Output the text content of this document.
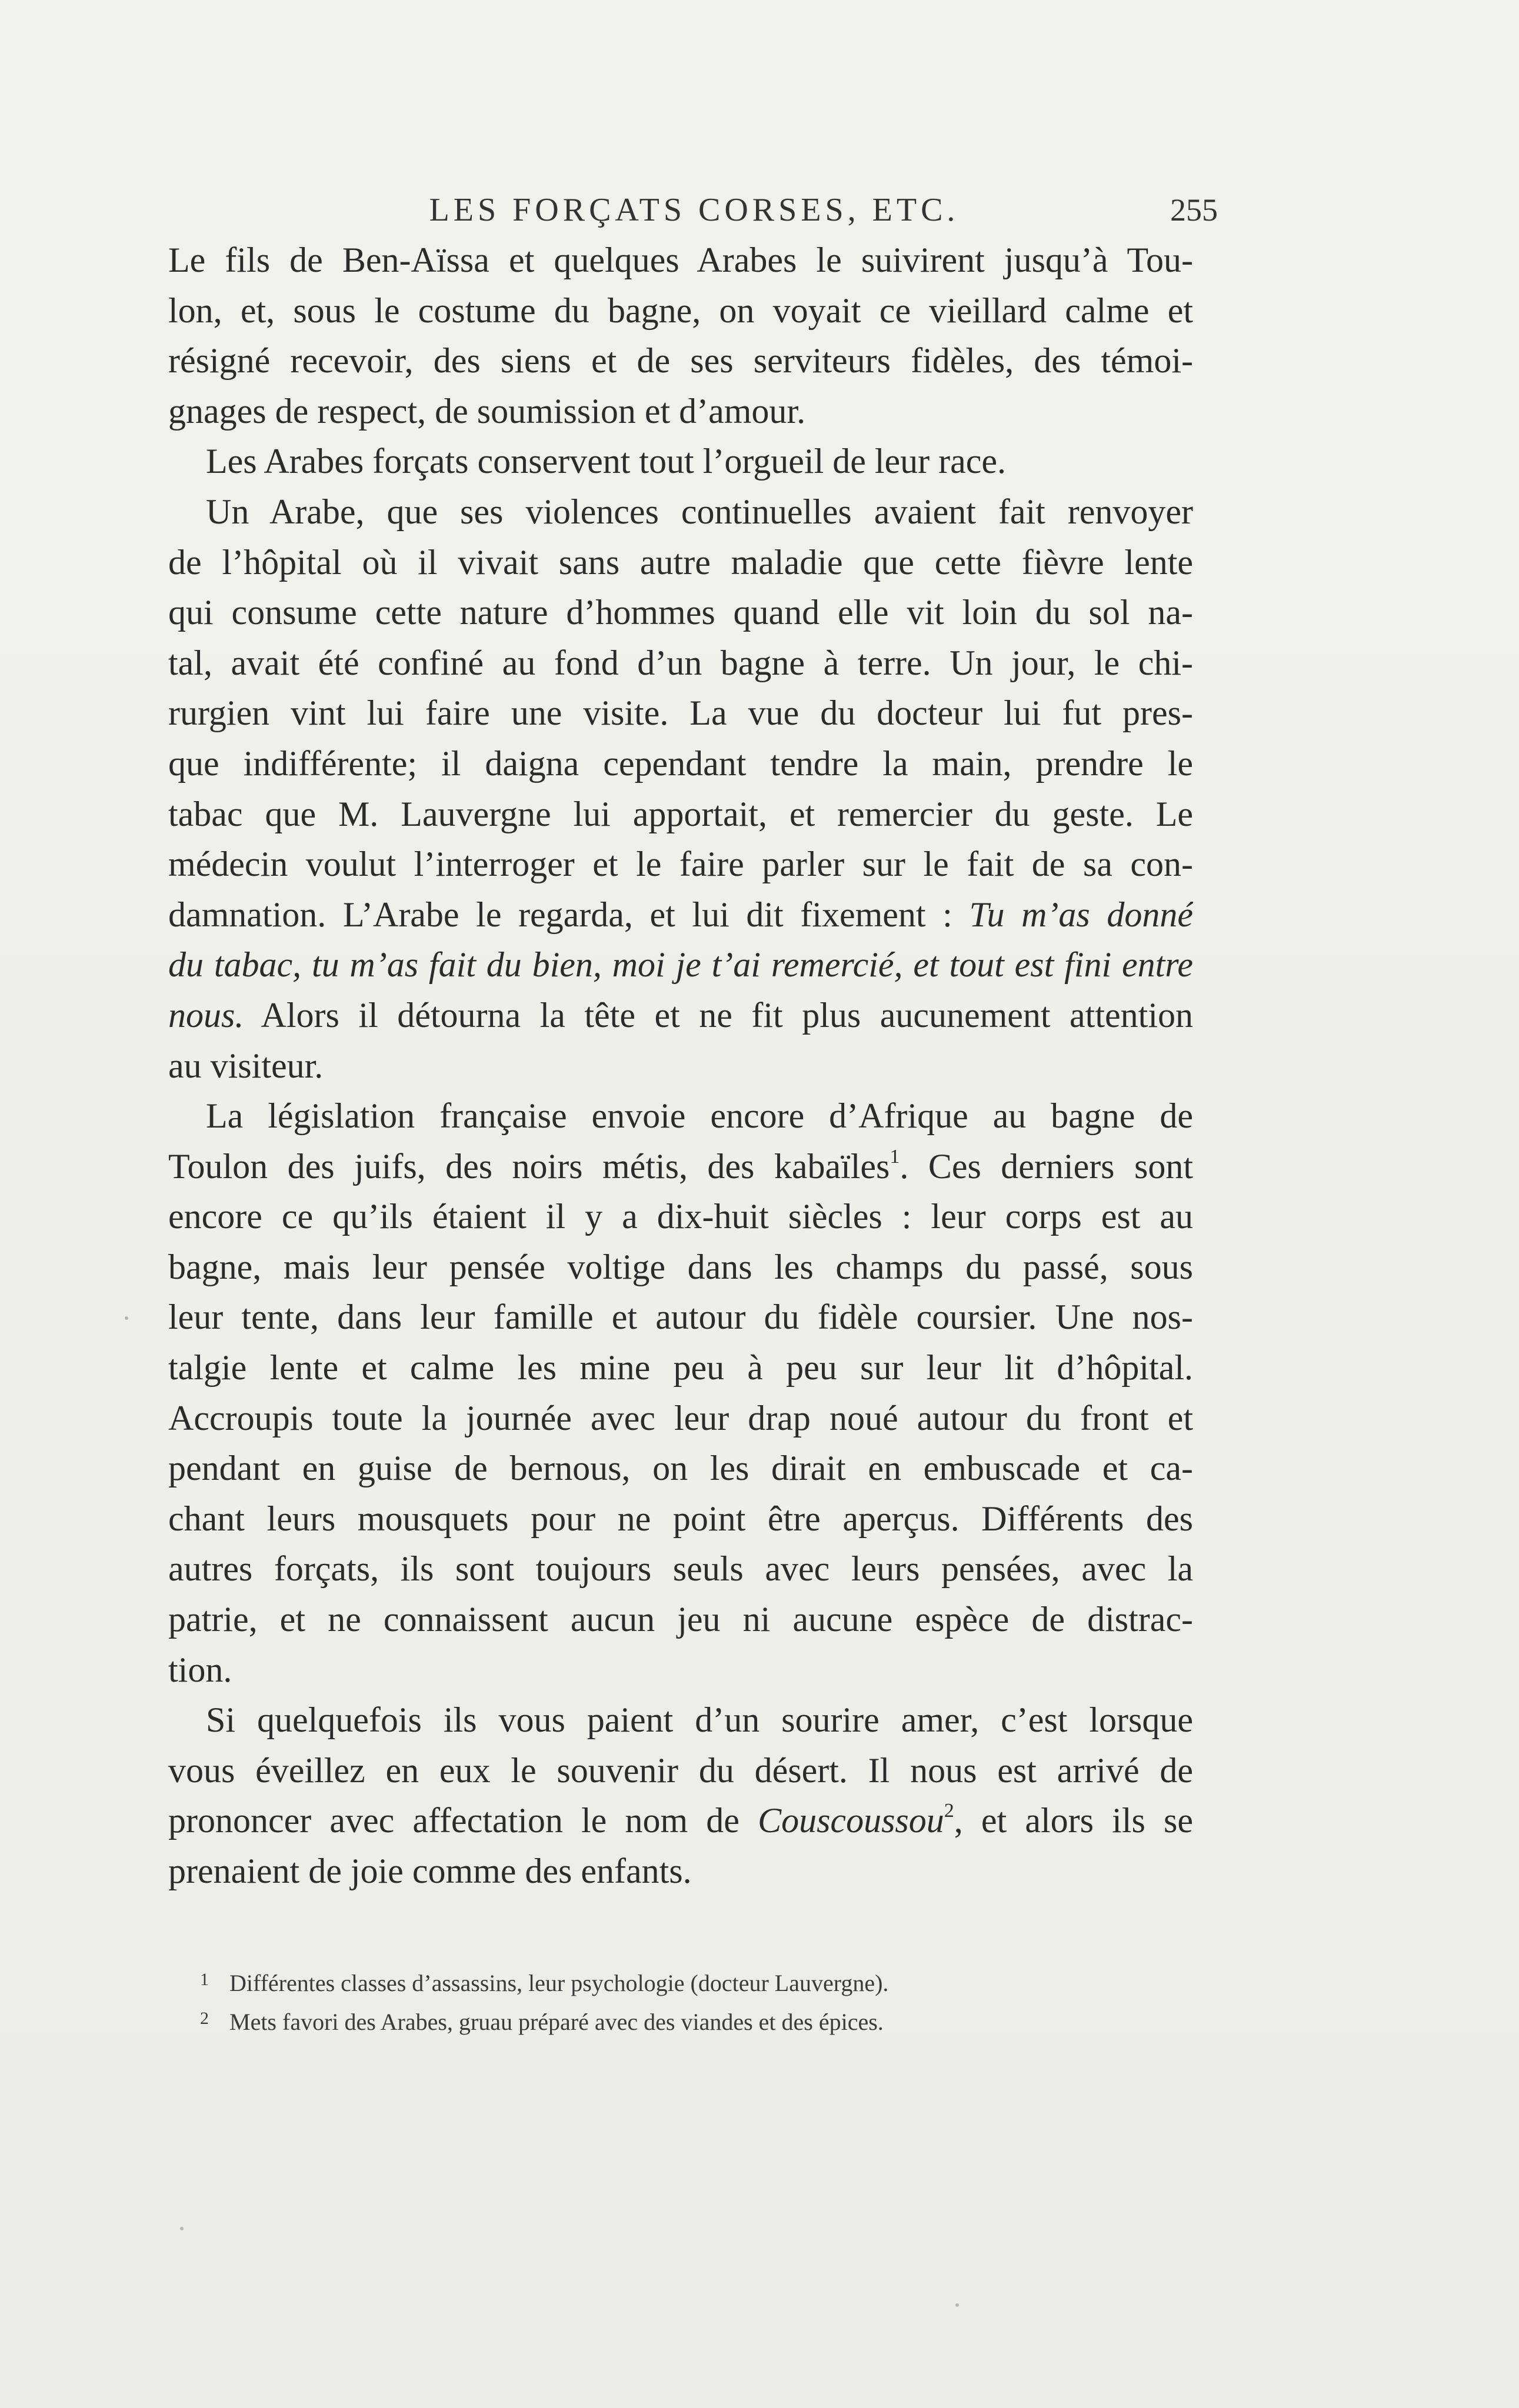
LES FORÇATS CORSES, ETC.	255
Le fils de Ben-Aïssa et quelques Arabes le suivirent jusqu’à Tou-
lon, et, sous le costume du bagne, on voyait ce vieillard calme et
résigné recevoir, des siens et de ses serviteurs fidèles, des témoi-
gnages de respect, de soumission et d’amour.
Les Arabes forçats conservent tout l’orgueil de leur race.
Un Arabe, que ses violences continuelles avaient fait renvoyer
de l’hôpital où il vivait sans autre maladie que cette fièvre lente
qui consume cette nature d’hommes quand elle vit loin du sol na-
tal, avait été confiné au fond d’un bagne à terre. Un jour, le chi-
rurgien vint lui faire une visite. La vue du docteur lui fut pres-
que indifférente; il daigna cependant tendre la main, prendre le
tabac que M. Lauvergne lui apportait, et remercier du geste. Le
médecin voulut l’interroger et le faire parler sur le fait de sa con-
damnation. L’Arabe le regarda, et lui dit fixement : Tu m’as donné
du tabac, tu m’as fait du bien, moi je t’ai remercié, et tout est fini entre
nous. Alors il détourna la tête et ne fit plus aucunement attention
au visiteur.
La législation française envoie encore d’Afrique au bagne de
Toulon des juifs, des noirs métis, des kabaïles$^1$. Ces derniers sont
encore ce qu’ils étaient il y a dix-huit siècles : leur corps est au
bagne, mais leur pensée voltige dans les champs du passé, sous
leur tente, dans leur famille et autour du fidèle coursier. Une nos-
talgie lente et calme les mine peu à peu sur leur lit d’hôpital.
Accroupis toute la journée avec leur drap noué autour du front et
pendant en guise de bernous, on les dirait en embuscade et ca-
chant leurs mousquets pour ne point être aperçus. Différents des
autres forçats, ils sont toujours seuls avec leurs pensées, avec la
patrie, et ne connaissent aucun jeu ni aucune espèce de distrac-
tion.
Si quelquefois ils vous paient d’un sourire amer, c’est lorsque
vous éveillez en eux le souvenir du désert. Il nous est arrivé de
prononcer avec affectation le nom de Couscoussou$^2$, et alors ils se
prenaient de joie comme des enfants.
1 Différentes classes d’assassins, leur psychologie (docteur Lauvergne).
2 Mets favori des Arabes, gruau préparé avec des viandes et des épices.
